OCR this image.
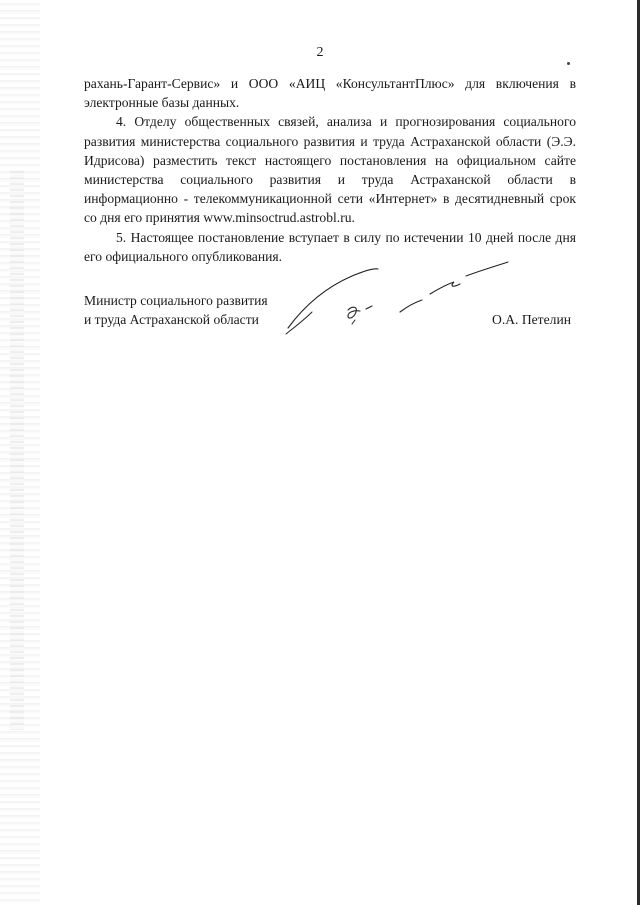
2

рахань-Гарант-Сервис» и ООО «АИЦ «КонсультантПлюс» для включения в электронные базы данных.

4. Отделу общественных связей, анализа и прогнозирования социального развития министерства социального развития и труда Астраханской области (Э.Э. Идрисова) разместить текст настоящего постановления на официальном сайте министерства социального развития и труда Астраханской области в информационно - телекоммуникационной сети «Интернет» в десятидневный срок со дня его принятия www.minsoctrud.astrobl.ru.

5. Настоящее постановление вступает в силу по истечении 10 дней после дня его официального опубликования.

Министр социального развития
и труда Астраханской области	О.А. Петелин
